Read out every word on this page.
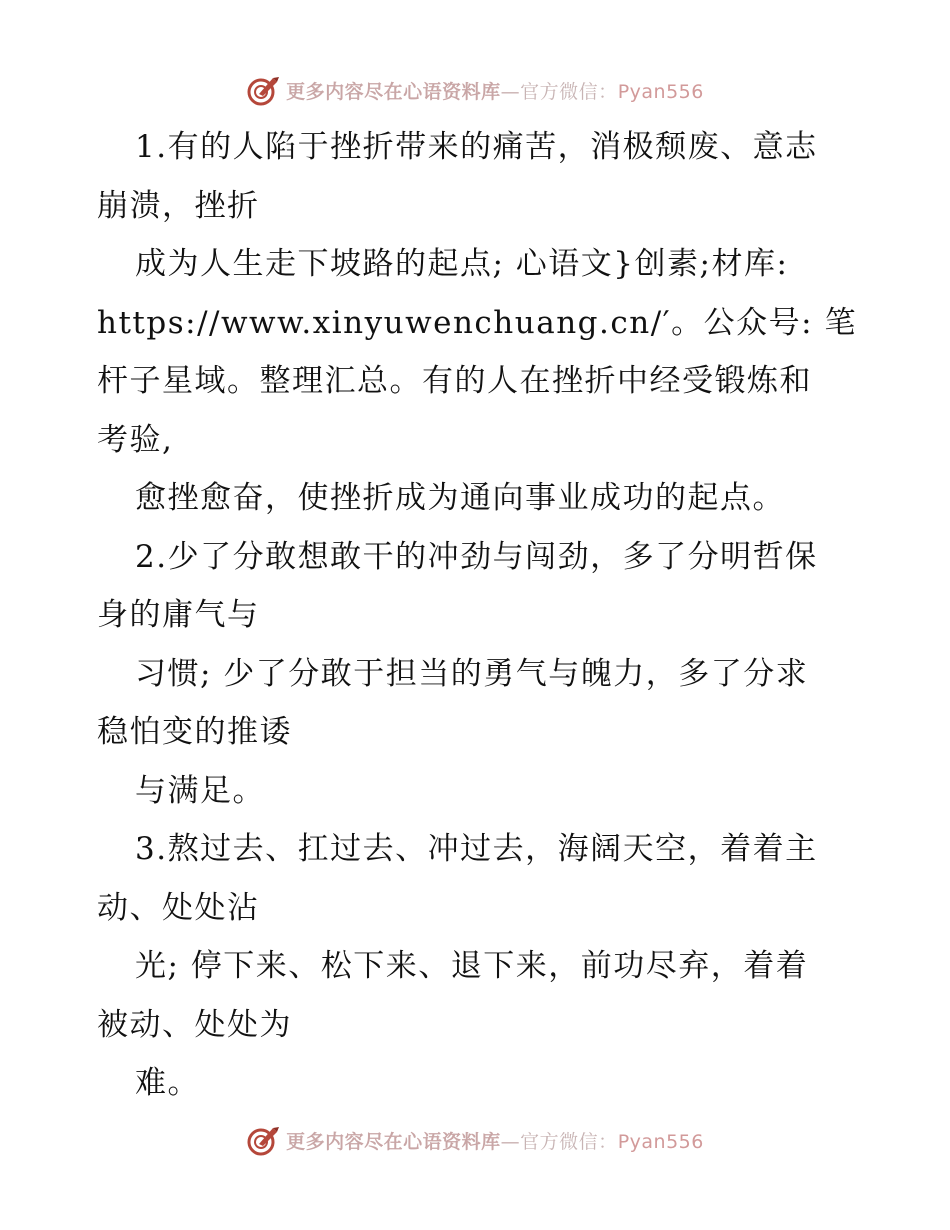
更多内容尽在心语资料库—官方微信：Pyan556
1.有的人陷于挫折带来的痛苦，消极颓废、意志
崩溃，挫折
成为人生走下坡路的起点; 心语文}创素;材库:
https://www.xinyuwenchuang.cn/′。公众号: 笔
杆子星域。整理汇总。有的人在挫折中经受锻炼和
考验,
愈挫愈奋，使挫折成为通向事业成功的起点。
2.少了分敢想敢干的冲劲与闯劲，多了分明哲保
身的庸气与
习惯; 少了分敢于担当的勇气与魄力，多了分求
稳怕变的推诿
与满足。
3.熬过去、扛过去、冲过去，海阔天空，着着主
动、处处沾
光; 停下来、松下来、退下来，前功尽弃，着着
被动、处处为
难。
更多内容尽在心语资料库—官方微信：Pyan556
